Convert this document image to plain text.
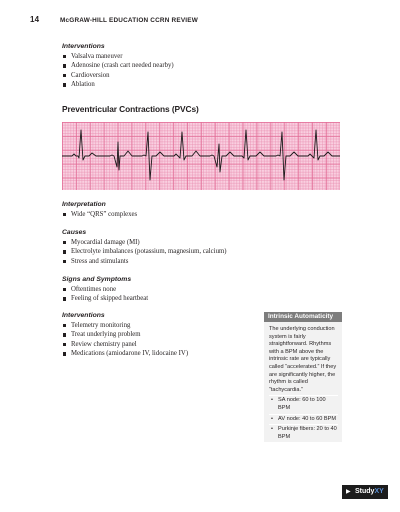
14	McGRAW-HILL EDUCATION CCRN REVIEW
Interventions
Valsalva maneuver
Adenosine (crash cart needed nearby)
Cardioversion
Ablation
Preventricular Contractions (PVCs)
Interpretation
Wide “QRS” complexes
Causes
Myocardial damage (MI)
Electrolyte imbalances (potassium, magnesium, calcium)
Stress and stimulants
Signs and Symptoms
Oftentimes none
Feeling of skipped heartbeat
Interventions
Telemetry monitoring
Treat underlying problem
Review chemistry panel
Medications (amiodarone IV, lidocaine IV)
Intrinsic Automaticity
The underlying conduction system is fairly straightforward. Rhythms with a BPM above the intrinsic rate are typically called “accelerated.” If they are significantly higher, the rhythm is called “tachycardia.”
• SA node: 60 to 100 BPM
• AV node: 40 to 60 BPM
• Purkinje fibers: 20 to 40 BPM
▶ StudyXY
